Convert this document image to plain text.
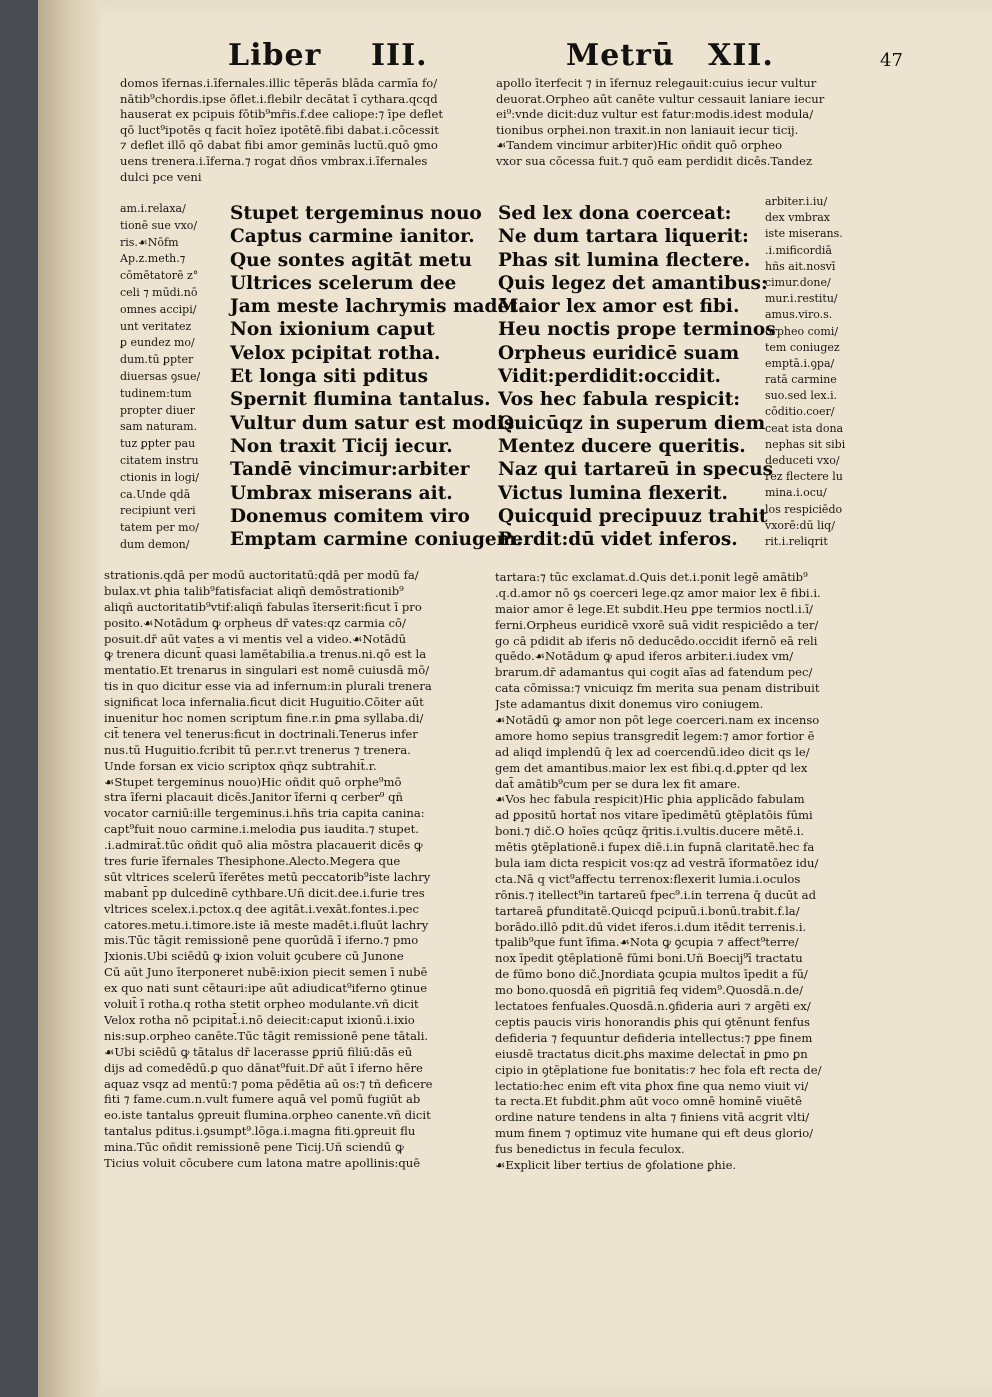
Liber III.	Metrū XII.	47
domos īfernas.i.īfernales.illic tēperās blāda carmīa fo/
nātib⁹chordis.ipse ōflet.i.flebilr decātat ī cythara.qcqd
hauserat ex pcipuis fōtib⁹mr̄is.f.dee caliope:⁊ īpe deflet
qō luct⁹ipotēs q facit hoīez ipotētē.fibi dabat.i.cōcessit
⁊ deflet illō qō dabat fibi amor geminās luctū.quō ꝯmo
uens trenera.i.īferna.⁊ rogat dños vmbrax.i.īfernales
dulci pce veni
apollo īterfecit ⁊ in īfernuz relegauit:cuius iecur vultur
deuorat.Orpheo aūt canēte vultur cessauit laniare iecur
ei⁹:vnde dicit:duz vultur est fatur:modis.idest modula/
tionibus orphei.non traxit.in non laniauit iecur ticij.
☙Tandem vincimur arbiter)Hic oñdit quō orpheo
vxor sua cōcessa fuit.⁊ quō eam perdidit dicēs.Tandez
am.i.relaxa/
tionē sue vxo/
ris.☙Nōfm
Ap.z.meth.⁊
cōmētatorē z°
celi ⁊ mūdi.nō
omnes accipi/
unt veritatez
ꝑ eundez mo/
dum.tū ꝑpter
diuersas ꝯsue/
tudinem:tum
propter diuer
sam naturam.
tuz ꝑpter pau
citatem instru
ctionis in logi/
ca.Unde qdā
recipiunt veri
tatem per mo/
dum demon/
Stupet tergeminus nouo
Captus carmine ianitor.
Que sontes agitāt metu
Ultrices scelerum dee
Jam meste lachrymis madēt.
Non ixionium caput
Velox pcipitat rotha.
Et longa siti pditus
Spernit flumina tantalus.
Vultur dum satur est modis:
Non traxit Ticij iecur.
Tandē vincimur:arbiter
Umbrax miserans ait.
Donemus comitem viro
Emptam carmine coniugem.
Sed lex dona coerceat:
Ne dum tartara liquerit:
Phas sit lumina flectere.
Quis legez det amantibus:
Maior lex amor est fibi.
Heu noctis prope terminos
Orpheus euridicē suam
Vidit:perdidit:occidit.
Vos hec fabula respicit:
Quicūqz in superum diem
Mentez ducere queritis.
Naz qui tartareū in specus
Victus lumina flexerit.
Quicquid precipuuz trahit
Perdit:dū videt inferos.
arbiter.i.iu/
dex vmbrax
iste miserans.
.i.mificordiā
hñs ait.nosvī
cimur.done/
mur.i.restitu/
amus.viro.s.
orpheo comi/
tem coniugez
emptā.i.ꝯpa/
ratā carmine
suo.sed lex.i.
cōditio.coer/
ceat ista dona
nephas sit sibi
deduceti vxo/
rez flectere lu
mina.i.ocu/
los respiciēdo
vxorē:dū liq/
rit.i.reliqrit
strationis.qdā per modū auctoritatū:qdā per modū fa/
bulax.vt ꝑhia talib⁹fatisfaciat aliqñ demōstrationib⁹
aliqñ auctoritatib⁹vtif:aliqñ fabulas īterserit:ficut ī pro
posito.☙Notādum ꝙ orpheus dr̄ vates:qz carmia cō/
posuit.dr̄ aūt vates a vi mentis vel a video.☙Notādū
ꝙ trenera dicunt̄ quasi lamētabilia.a trenus.ni.qō est la
mentatio.Et trenarus in singulari est nomē cuiusdā mō/
tis in quo dicitur esse via ad infernum:in plurali trenera
significat loca infernalia.ficut dicit Huguitio.Cōiter aūt
inuenitur hoc nomen scriptum fine.r.in ꝑma syllaba.di/
cit̄ tenera vel tenerus:ficut in doctrinali.Tenerus infer
nus.tū Huguitio.fcribit tū per.r.vt trenerus ⁊ trenera.
Unde forsan ex vicio scriptox qñqz subtrahit̄.r.
☙Stupet tergeminus nouo)Hic oñdit quō orphe⁹mō
stra īferni placauit dicēs.Janitor īferni q cerber⁹ qñ
vocator carniū:ille tergeminus.i.hñs tria capita canina:
capt⁹fuit nouo carmine.i.melodia ꝑus iaudita.⁊ stupet.
.i.admirat̄.tūc oñdit quō alia mōstra placauerit dicēs ꝙ
tres furie īfernales Thesiphone.Alecto.Megera que
sūt vltrices scelerū īferētes metū peccatorib⁹iste lachry
mabant̄ pp dulcedinē cythbare.Uñ dicit.dee.i.furie tres
vltrices scelex.i.pctox.q dee agitāt.i.vexāt.fontes.i.pec
catores.metu.i.timore.iste iā meste madēt.i.fluūt lachry
mis.Tūc tāgit remissionē pene quorūdā ī iferno.⁊ pmo
Jxionis.Ubi sciēdū ꝙ ixion voluit ꝯcubere cū Junone
Cū aūt Juno īterponeret nubē:ixion piecit semen ī nubē
ex quo nati sunt cētauri:ipe aūt adiudicat⁹iferno ꝯtinue
voluit̄ ī rotha.q rotha stetit orpheo modulante.vñ dicit
Velox rotha nō pcipitat̄.i.nō deiecit:caput ixionū.i.ixio
nis:sup.orpheo canēte.Tūc tāgit remissionē pene tātali.
☙Ubi sciēdū ꝙ tātalus dr̄ lacerasse ꝑpriū filiū:dās eū
dijs ad comedēdū.ꝑ quo dānat⁹fuit.Dr̄ aūt ī iferno hēre
aquaz vsqz ad mentū:⁊ poma pēdētia aū os:⁊ tñ deficere
fiti ⁊ fame.cum.n.vult fumere aquā vel pomū fugiūt ab
eo.iste tantalus ꝯpreuit flumina.orpheo canente.vñ dicit
tantalus pditus.i.ꝯsumpt⁹.lōga.i.magna fiti.ꝯpreuit flu
mina.Tūc oñdit remissionē pene Ticij.Uñ sciendū ꝙ
Ticius voluit cōcubere cum latona matre apollinis:quē
tartara:⁊ tūc exclamat.d.Quis det.i.ponit legē amātib⁹
.q.d.amor nō ꝯs coerceri lege.qz amor maior lex ē fibi.i.
maior amor ē lege.Et subdit.Heu ꝑpe termios noctl.i.ī/
ferni.Orpheus euridicē vxorē suā vidit respiciēdo a ter/
go cā pdidit ab iferis nō deducēdo.occidit ifernō eā reli
quēdo.☙Notādum ꝙ apud iferos arbiter.i.iudex vm/
brarum.dr̄ adamantus qui cogit aīas ad fatendum pec/
cata cōmissa:⁊ vnicuiqz fm merita sua penam distribuit
Jste adamantus dixit donemus viro coniugem.
☙Notādū ꝙ amor non pōt lege coerceri.nam ex incenso
amore homo sepius transgredit̄ legem:⁊ amor fortior ē
ad aliqd implendū q̄ lex ad coercendū.ideo dicit qs le/
gem det amantibus.maior lex est fibi.q.d.ꝑpter qd lex
dat̄ amātib⁹cum per se dura lex fit amare.
☙Vos hec fabula respicit)Hic ꝑhia applicādo fabulam
ad ꝑpositū hortat̄ nos vitare īpedimētū ꝯtēplatōis fūmi
boni.⁊ dič.O hoīes qcūqz q̄ritis.i.vultis.ducere mētē.i.
mētis ꝯtēplationē.i fupex diē.i.in fupnā claritatē.hec fa
bula iam dicta respicit vos:qz ad vestrā īformatōez idu/
cta.Nā q vict⁹affectu terrenox:flexerit lumia.i.oculos
rōnis.⁊ itellect⁹in tartareū fpec⁹.i.in terrena q̄ ducūt ad
tartareā ꝑfunditatē.Quicqd pcipuū.i.bonū.trabit.f.la/
borādo.illō pdit.dū videt iferos.i.dum itēdit terrenis.i.
tpalib⁹que funt īfima.☙Nota ꝙ ꝯcupia ⁊ affect⁹terre/
nox īpedit ꝯtēplationē fūmi boni.Uñ Boecij⁹ī tractatu
de fūmo bono dič.Jnordiata ꝯcupia multos īpedit a fū/
mo bono.quosdā eñ pigritiā feq videm⁹.Quosdā.n.de/
lectatoes fenfuales.Quosdā.n.ꝯfideria auri ⁊ argēti ex/
ceptis paucis viris honorandis ꝑhis qui ꝯtēnunt fenfus
defideria ⁊ fequuntur defideria intellectus:⁊ ꝑpe finem
eiusdē tractatus dicit.ꝑhs maxime delectat̄ in ꝑmo ꝑn
cipio in ꝯtēplatione fue bonitatis:⁊ hec fola eft recta de/
lectatio:hec enim eft vita ꝑhox fine qua nemo viuit vi/
ta recta.Et fubdit.ꝑhm aūt voco omnē hominē viuētē
ordine nature tendens in alta ⁊ finiens vitā acgrit vlti/
mum finem ⁊ optimuz vite humane qui eft deus glorio/
fus benedictus in fecula feculox.
☙Explicit liber tertius de ꝯfolatione ꝑhie.
